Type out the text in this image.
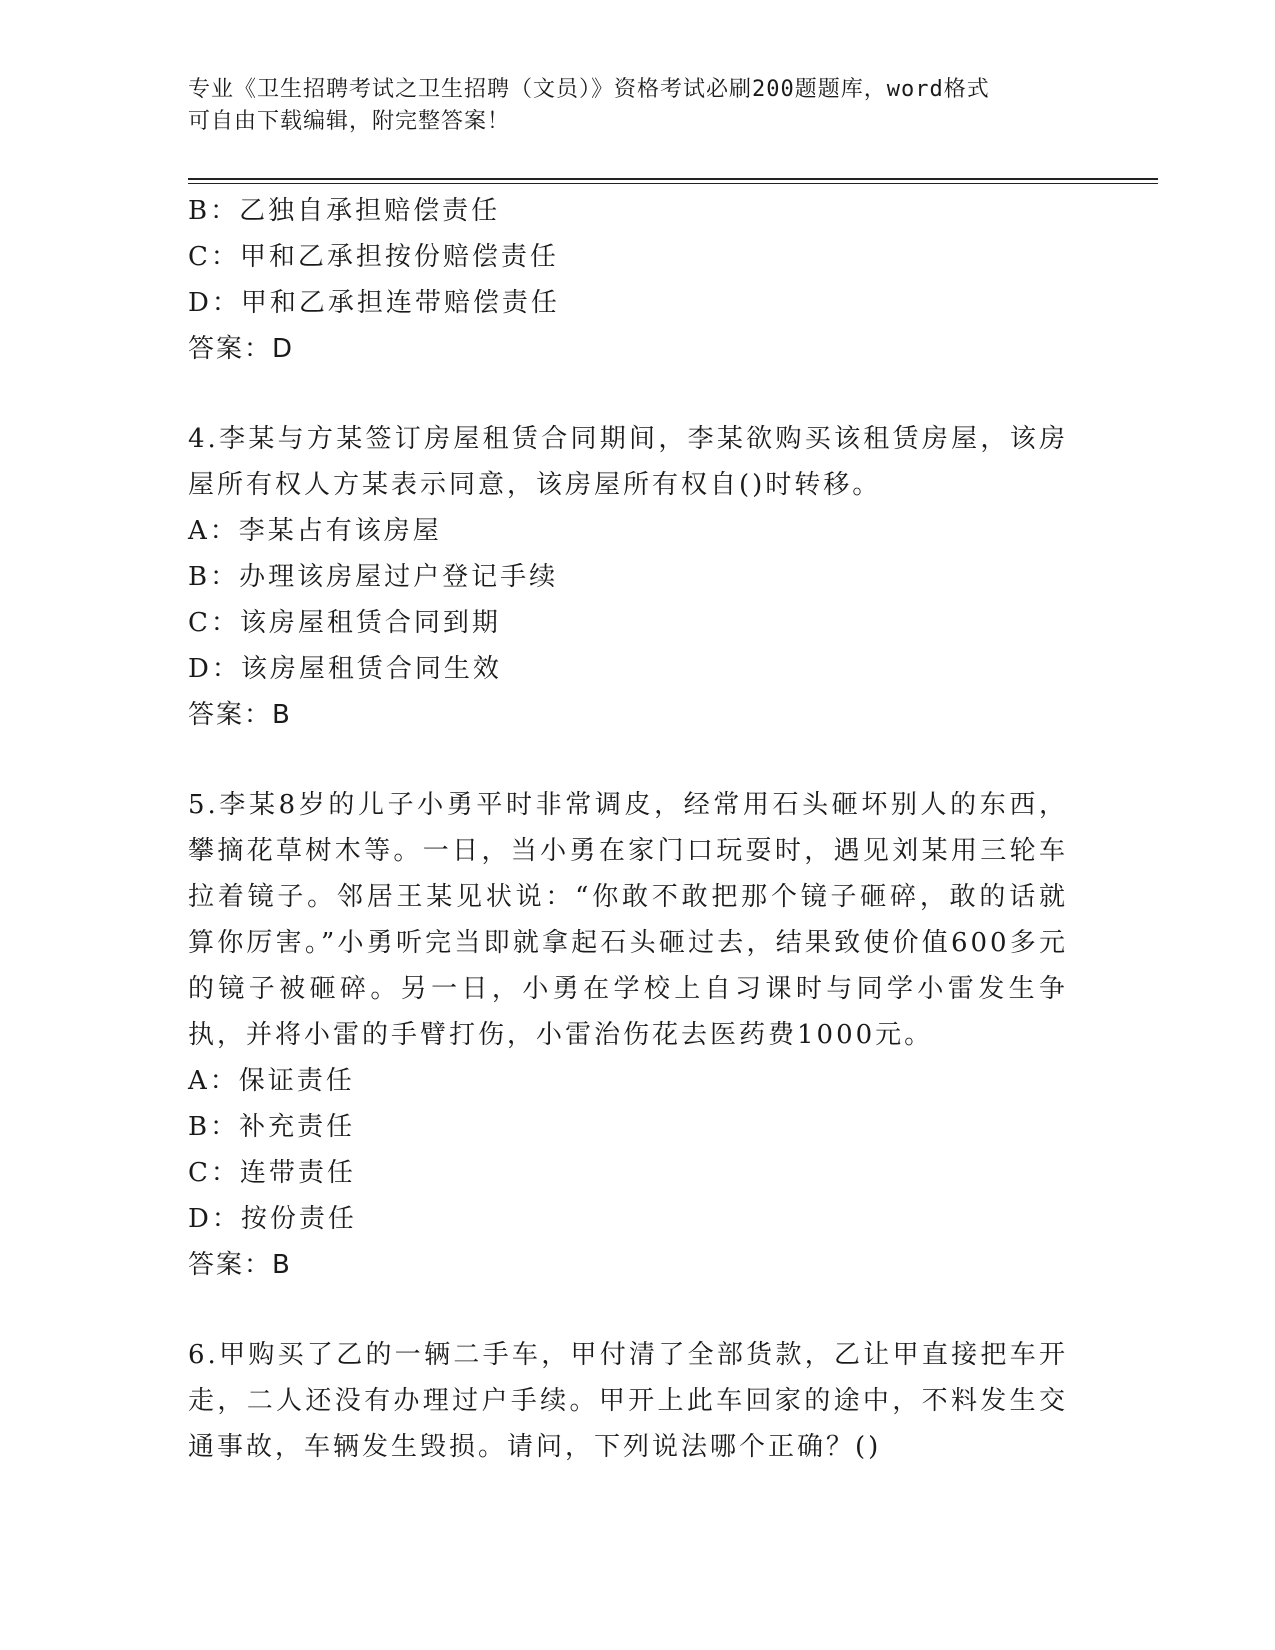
专业《卫生招聘考试之卫生招聘（文员）》资格考试必刷200题题库，word格式
可自由下载编辑，附完整答案！
B：乙独自承担赔偿责任
C：甲和乙承担按份赔偿责任
D：甲和乙承担连带赔偿责任
答案：D
4.李某与方某签订房屋租赁合同期间，李某欲购买该租赁房屋，该房屋所有权人方某表示同意，该房屋所有权自()时转移。
A：李某占有该房屋
B：办理该房屋过户登记手续
C：该房屋租赁合同到期
D：该房屋租赁合同生效
答案：B
5.李某8岁的儿子小勇平时非常调皮，经常用石头砸坏别人的东西，攀摘花草树木等。一日，当小勇在家门口玩耍时，遇见刘某用三轮车拉着镜子。邻居王某见状说：“你敢不敢把那个镜子砸碎，敢的话就算你厉害。”小勇听完当即就拿起石头砸过去，结果致使价值600多元的镜子被砸碎。另一日，小勇在学校上自习课时与同学小雷发生争执，并将小雷的手臂打伤，小雷治伤花去医药费1000元。
A：保证责任
B：补充责任
C：连带责任
D：按份责任
答案：B
6.甲购买了乙的一辆二手车，甲付清了全部货款，乙让甲直接把车开走，二人还没有办理过户手续。甲开上此车回家的途中，不料发生交通事故，车辆发生毁损。请问，下列说法哪个正确？()
